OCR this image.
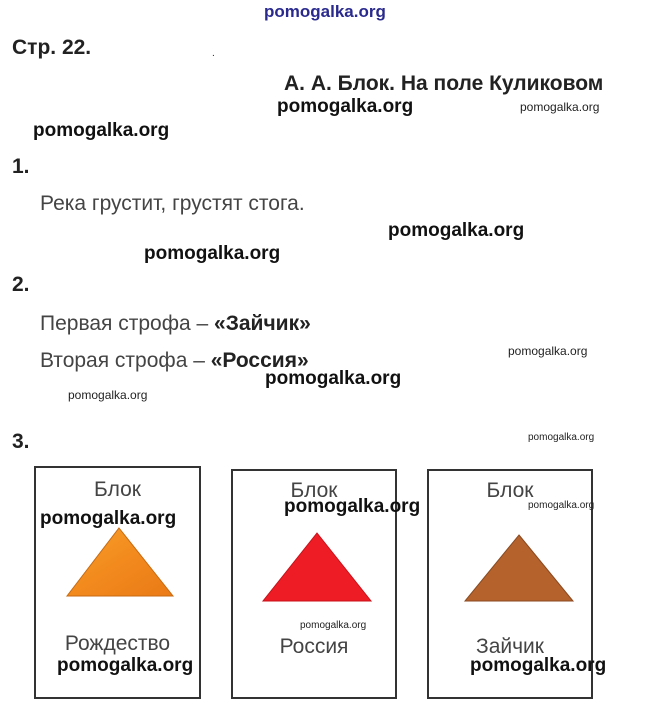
pomogalka.org
Стр. 22.	.
А. А. Блок. На поле Куликовом
pomogalka.org	pomogalka.org
pomogalka.org
1.
Река грустит, грустят стога.
pomogalka.org
pomogalka.org
2.
Первая строфа – «Зайчик»
Вторая строфа – «Россия»	pomogalka.org
pomogalka.org
pomogalka.org
3.	pomogalka.org
Блок
Рождество
Блок
Россия
Блок
Зайчик
pomogalka.org
pomogalka.org	pomogalka.org
pomogalka.org
pomogalka.org	pomogalka.org
